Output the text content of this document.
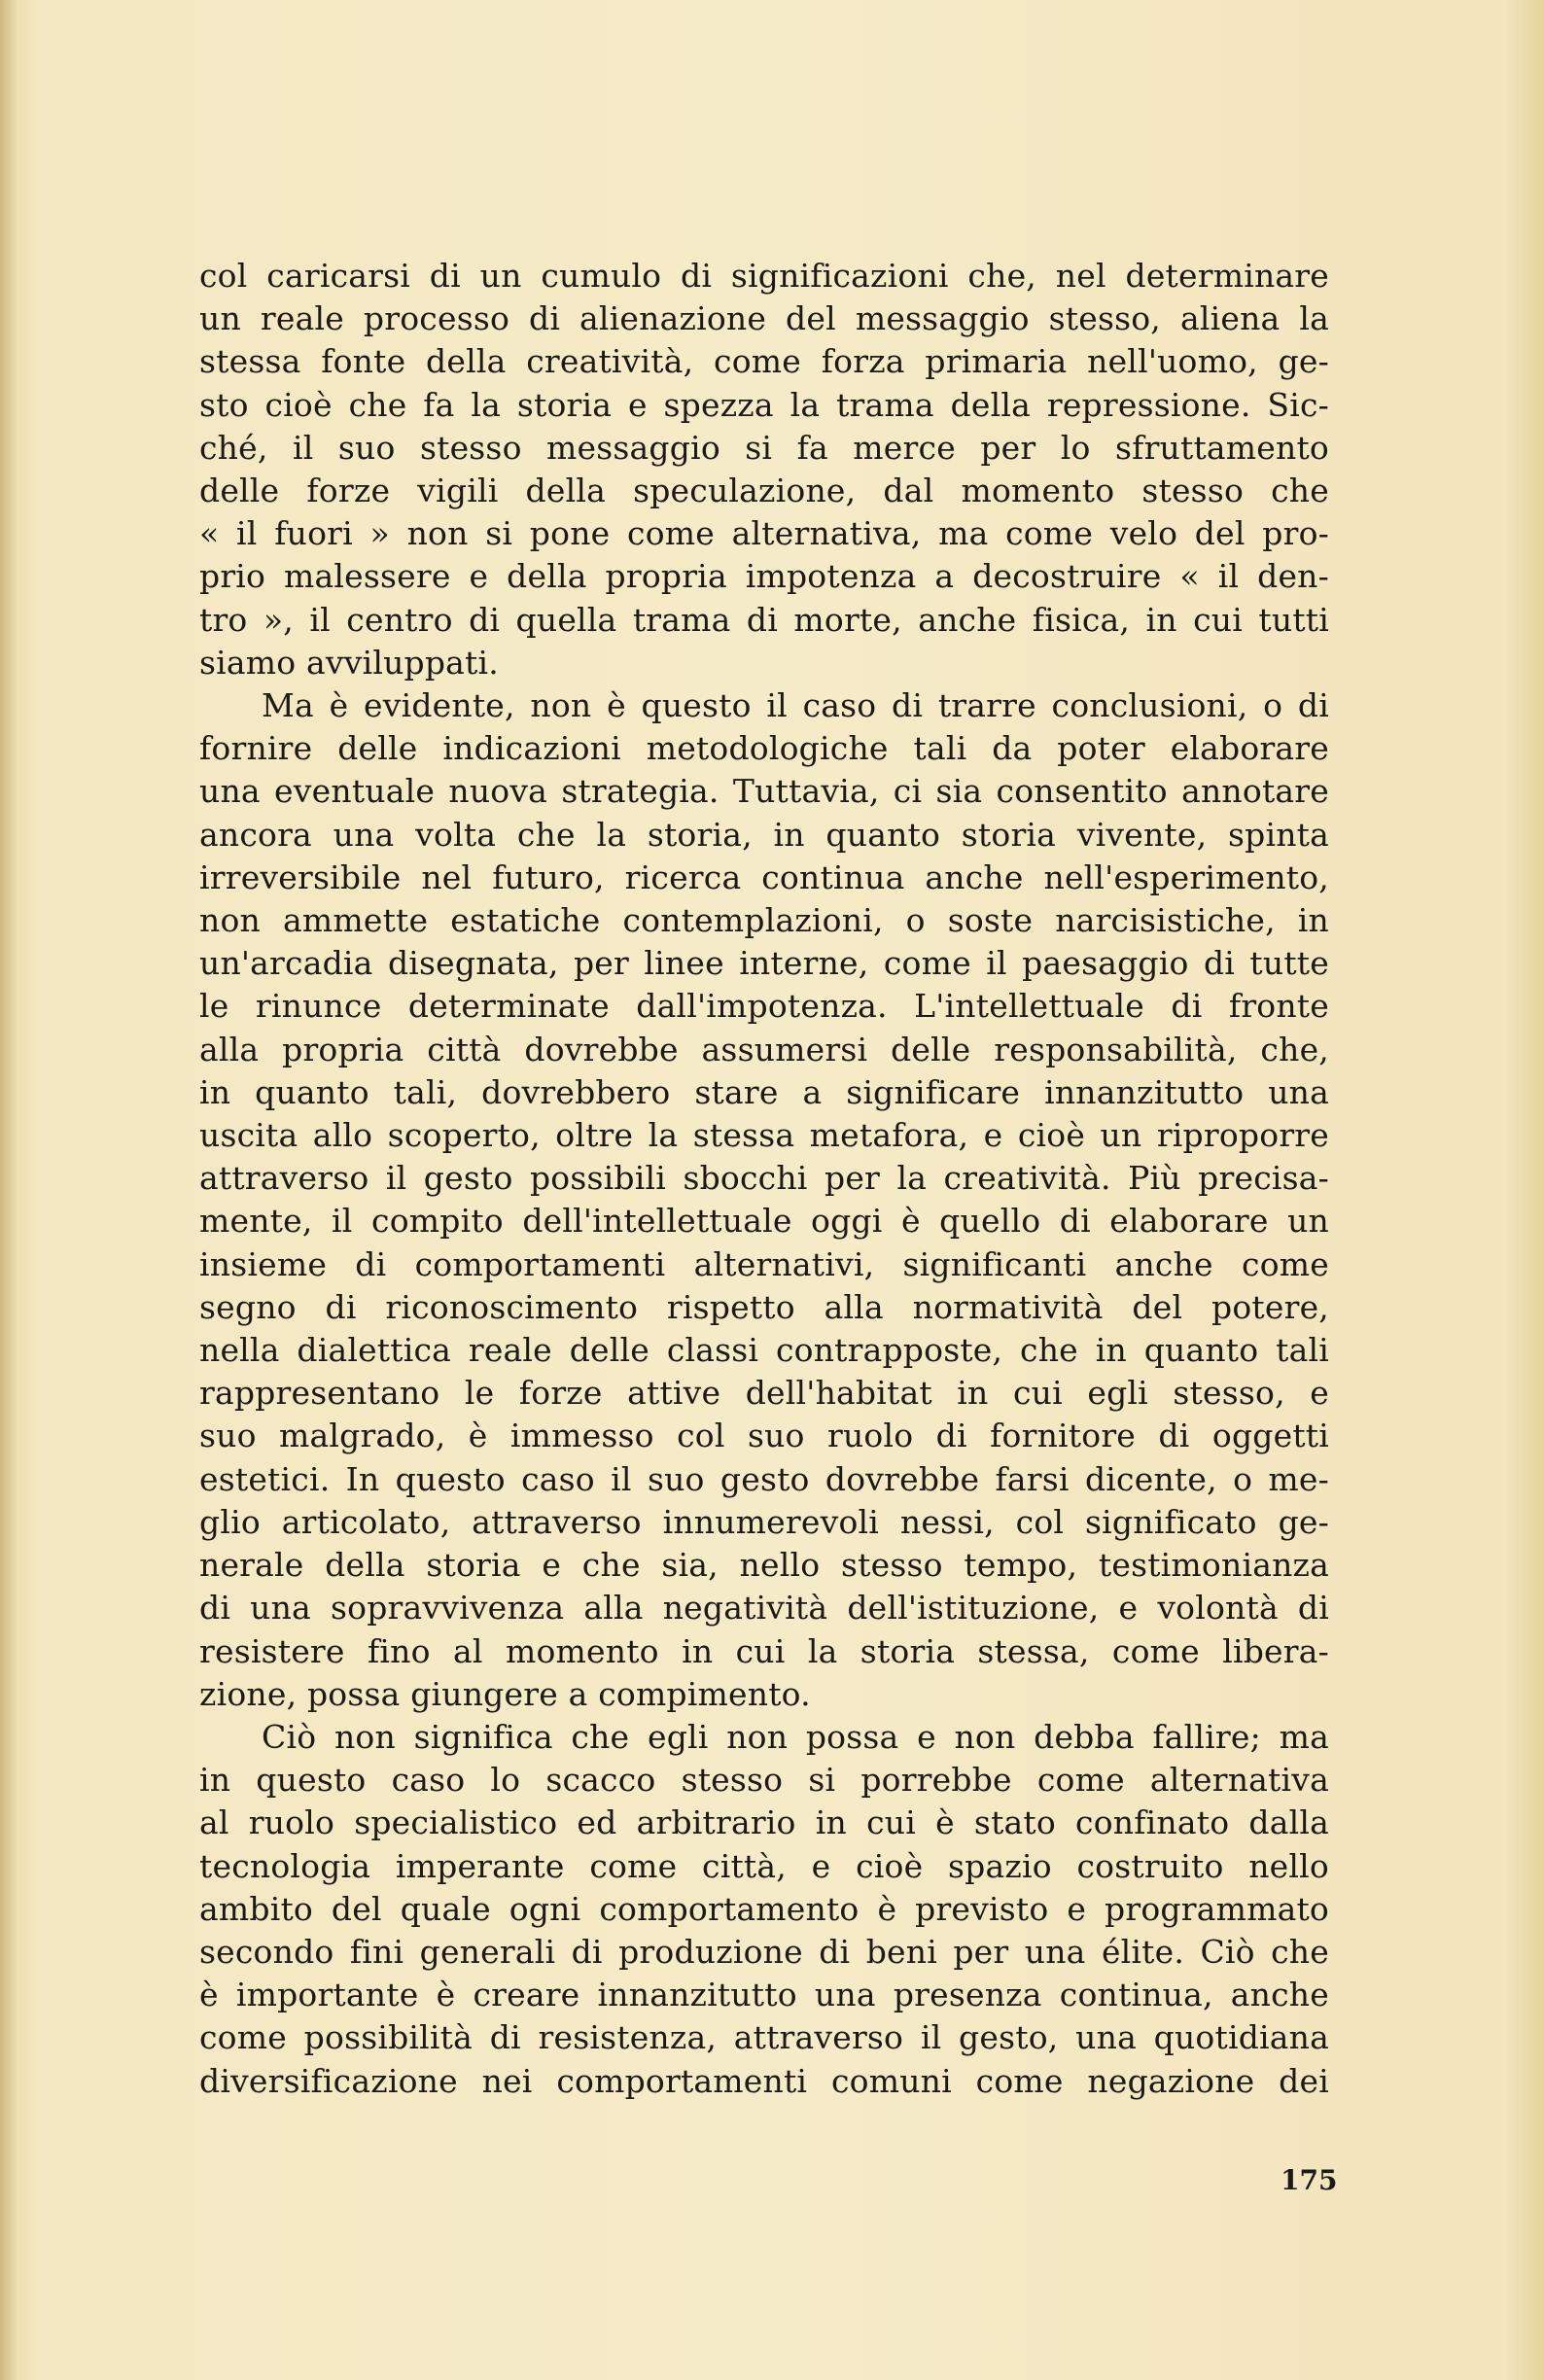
col caricarsi di un cumulo di significazioni che, nel determinare
un reale processo di alienazione del messaggio stesso, aliena la
stessa fonte della creatività, come forza primaria nell'uomo, ge-
sto cioè che fa la storia e spezza la trama della repressione. Sic-
ché, il suo stesso messaggio si fa merce per lo sfruttamento
delle forze vigili della speculazione, dal momento stesso che
« il fuori » non si pone come alternativa, ma come velo del pro-
prio malessere e della propria impotenza a decostruire « il den-
tro », il centro di quella trama di morte, anche fisica, in cui tutti
siamo avviluppati.
Ma è evidente, non è questo il caso di trarre conclusioni, o di
fornire delle indicazioni metodologiche tali da poter elaborare
una eventuale nuova strategia. Tuttavia, ci sia consentito annotare
ancora una volta che la storia, in quanto storia vivente, spinta
irreversibile nel futuro, ricerca continua anche nell'esperimento,
non ammette estatiche contemplazioni, o soste narcisistiche, in
un'arcadia disegnata, per linee interne, come il paesaggio di tutte
le rinunce determinate dall'impotenza. L'intellettuale di fronte
alla propria città dovrebbe assumersi delle responsabilità, che,
in quanto tali, dovrebbero stare a significare innanzitutto una
uscita allo scoperto, oltre la stessa metafora, e cioè un riproporre
attraverso il gesto possibili sbocchi per la creatività. Più precisa-
mente, il compito dell'intellettuale oggi è quello di elaborare un
insieme di comportamenti alternativi, significanti anche come
segno di riconoscimento rispetto alla normatività del potere,
nella dialettica reale delle classi contrapposte, che in quanto tali
rappresentano le forze attive dell'habitat in cui egli stesso, e
suo malgrado, è immesso col suo ruolo di fornitore di oggetti
estetici. In questo caso il suo gesto dovrebbe farsi dicente, o me-
glio articolato, attraverso innumerevoli nessi, col significato ge-
nerale della storia e che sia, nello stesso tempo, testimonianza
di una sopravvivenza alla negatività dell'istituzione, e volontà di
resistere fino al momento in cui la storia stessa, come libera-
zione, possa giungere a compimento.
Ciò non significa che egli non possa e non debba fallire; ma
in questo caso lo scacco stesso si porrebbe come alternativa
al ruolo specialistico ed arbitrario in cui è stato confinato dalla
tecnologia imperante come città, e cioè spazio costruito nello
ambito del quale ogni comportamento è previsto e programmato
secondo fini generali di produzione di beni per una élite. Ciò che
è importante è creare innanzitutto una presenza continua, anche
come possibilità di resistenza, attraverso il gesto, una quotidiana
diversificazione nei comportamenti comuni come negazione dei
175
